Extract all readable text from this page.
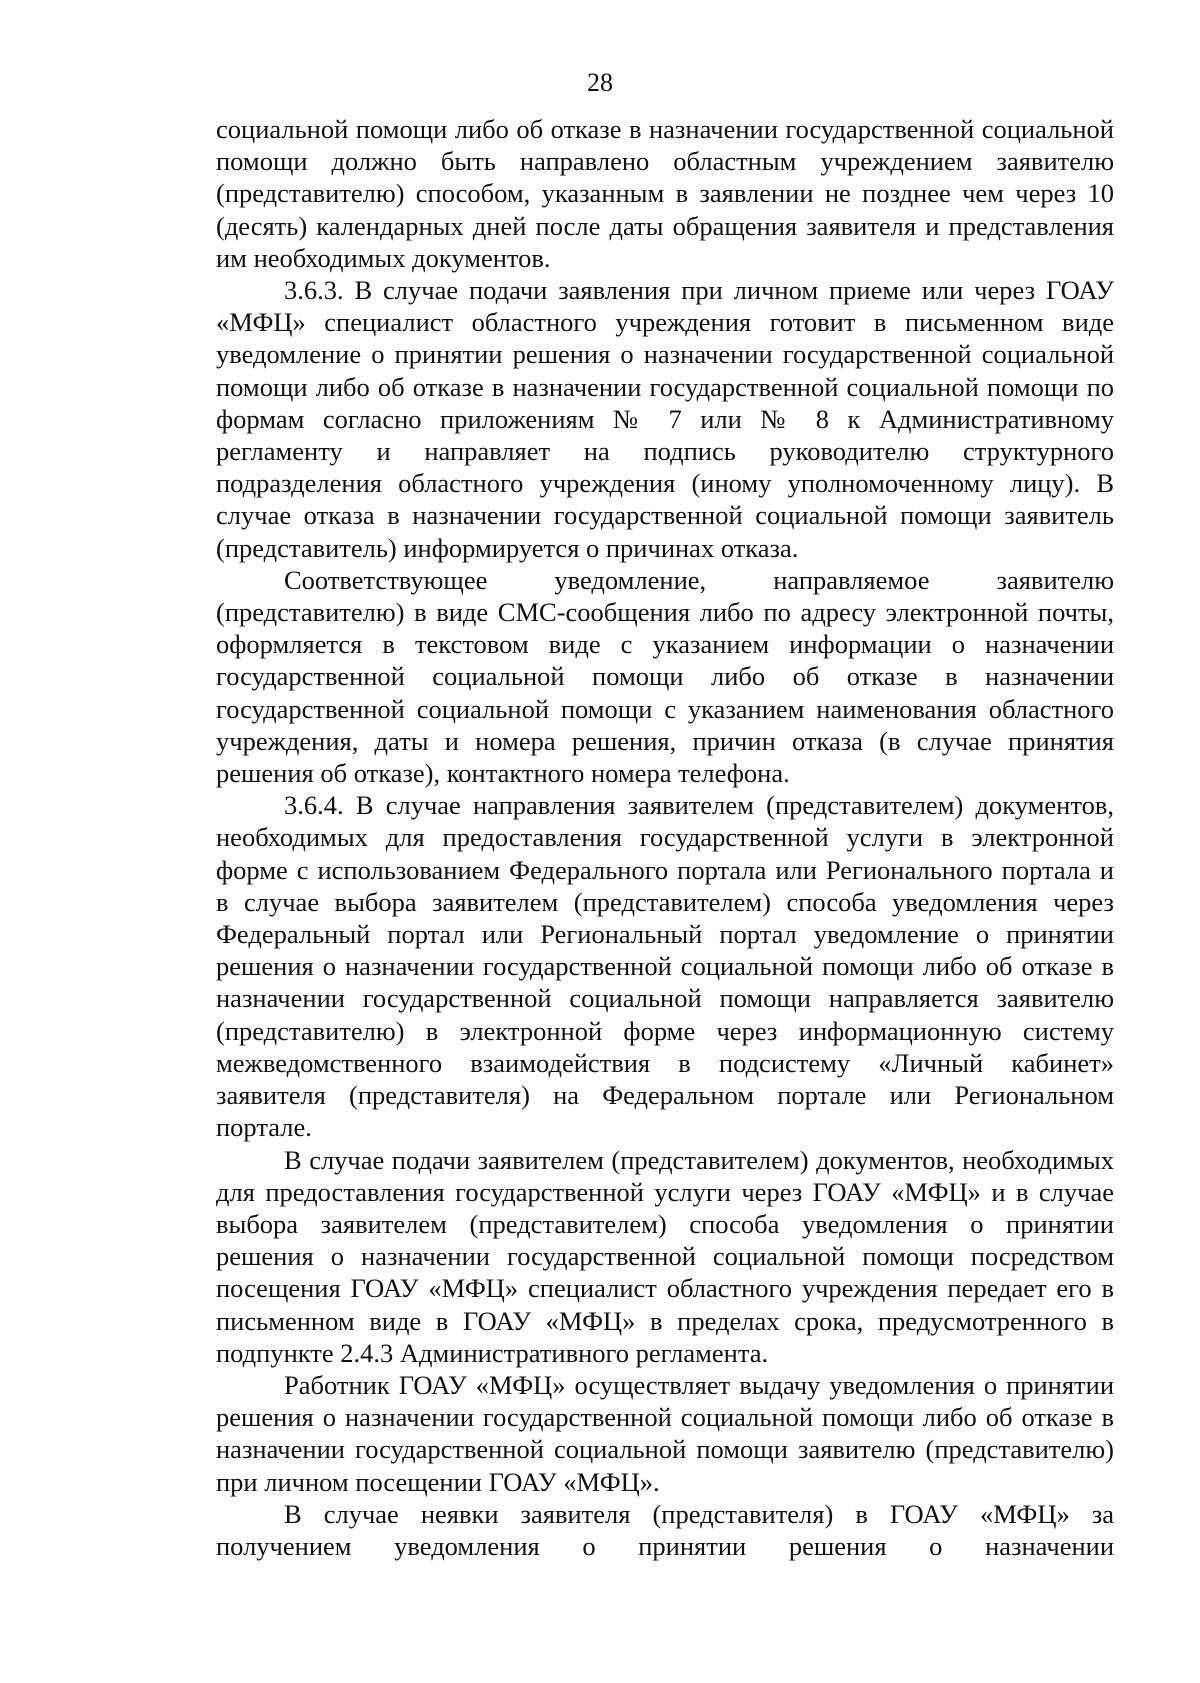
28

социальной помощи либо об отказе в назначении государственной социальной помощи должно быть направлено областным учреждением заявителю (представителю) способом, указанным в заявлении не позднее чем через 10 (десять) календарных дней после даты обращения заявителя и представления им необходимых документов.

3.6.3. В случае подачи заявления при личном приеме или через ГОАУ «МФЦ» специалист областного учреждения готовит в письменном виде уведомление о принятии решения о назначении государственной социальной помощи либо об отказе в назначении государственной социальной помощи по формам согласно приложениям № 7 или № 8 к Административному регламенту и направляет на подпись руководителю структурного подразделения областного учреждения (иному уполномоченному лицу). В случае отказа в назначении государственной социальной помощи заявитель (представитель) информируется о причинах отказа.

Соответствующее уведомление, направляемое заявителю (представителю) в виде СМС-сообщения либо по адресу электронной почты, оформляется в текстовом виде с указанием информации о назначении государственной социальной помощи либо об отказе в назначении государственной социальной помощи с указанием наименования областного учреждения, даты и номера решения, причин отказа (в случае принятия решения об отказе), контактного номера телефона.

3.6.4. В случае направления заявителем (представителем) документов, необходимых для предоставления государственной услуги в электронной форме с использованием Федерального портала или Регионального портала и в случае выбора заявителем (представителем) способа уведомления через Федеральный портал или Региональный портал уведомление о принятии решения о назначении государственной социальной помощи либо об отказе в назначении государственной социальной помощи направляется заявителю (представителю) в электронной форме через информационную систему межведомственного взаимодействия в подсистему «Личный кабинет» заявителя (представителя) на Федеральном портале или Региональном портале.

В случае подачи заявителем (представителем) документов, необходимых для предоставления государственной услуги через ГОАУ «МФЦ» и в случае выбора заявителем (представителем) способа уведомления о принятии решения о назначении государственной социальной помощи посредством посещения ГОАУ «МФЦ» специалист областного учреждения передает его в письменном виде в ГОАУ «МФЦ» в пределах срока, предусмотренного в подпункте 2.4.3 Административного регламента.

Работник ГОАУ «МФЦ» осуществляет выдачу уведомления о принятии решения о назначении государственной социальной помощи либо об отказе в назначении государственной социальной помощи заявителю (представителю) при личном посещении ГОАУ «МФЦ».

В случае неявки заявителя (представителя) в ГОАУ «МФЦ» за получением уведомления о принятии решения о назначении
